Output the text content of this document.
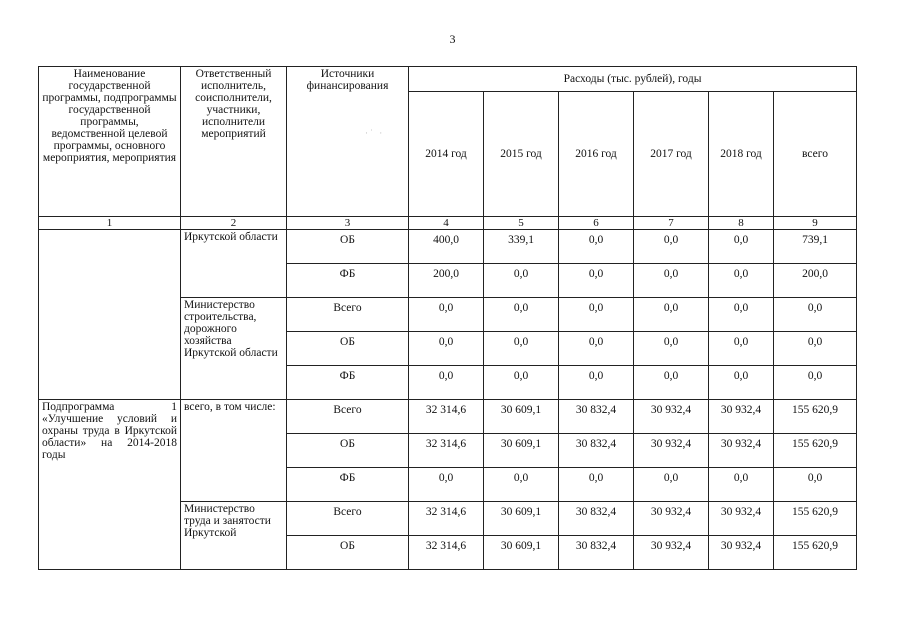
3
·˙ ·
Наименование государственной программы, подпрограммы государственной программы, ведомственной целевой программы, основного мероприятия, мероприятия	Ответственный исполнитель, соисполнители, участники, исполнители мероприятий	Источники финансирования	Расходы (тыс. рублей), годы					
			2014 год	2015 год	2016 год	2017 год	2018 год	всего
1	2	3	4	5	6	7	8	9
	Иркутской области	ОБ	400,0	339,1	0,0	0,0	0,0	739,1
		ФБ	200,0	0,0	0,0	0,0	0,0	200,0
	Министерство строительства, дорожного хозяйства Иркутской области	Всего	0,0	0,0	0,0	0,0	0,0	0,0
		ОБ	0,0	0,0	0,0	0,0	0,0	0,0
		ФБ	0,0	0,0	0,0	0,0	0,0	0,0
Подпрограмма 1 «Улучшение условий и охраны труда в Иркутской области» на 2014-2018 годы	всего, в том числе:	Всего	32 314,6	30 609,1	30 832,4	30 932,4	30 932,4	155 620,9
		ОБ	32 314,6	30 609,1	30 832,4	30 932,4	30 932,4	155 620,9
		ФБ	0,0	0,0	0,0	0,0	0,0	0,0
	Министерство труда и занятости Иркутской	Всего	32 314,6	30 609,1	30 832,4	30 932,4	30 932,4	155 620,9
		ОБ	32 314,6	30 609,1	30 832,4	30 932,4	30 932,4	155 620,9
